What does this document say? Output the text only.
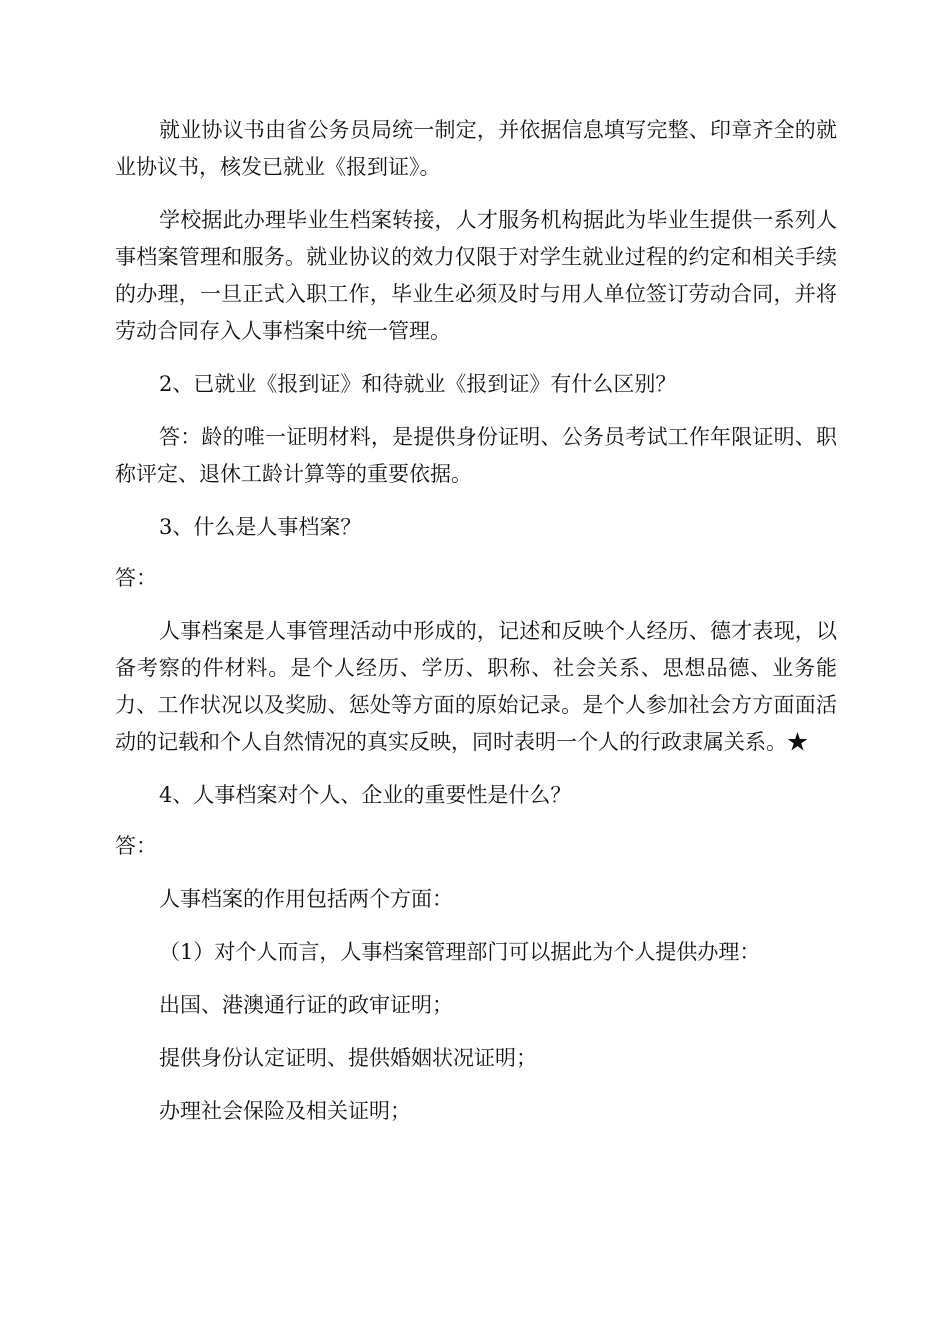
就业协议书由省公务员局统一制定，并依据信息填写完整、印章齐全的就业协议书，核发已就业《报到证》。

学校据此办理毕业生档案转接，人才服务机构据此为毕业生提供一系列人事档案管理和服务。就业协议的效力仅限于对学生就业过程的约定和相关手续的办理，一旦正式入职工作，毕业生必须及时与用人单位签订劳动合同，并将劳动合同存入人事档案中统一管理。

2、已就业《报到证》和待就业《报到证》有什么区别？

答：龄的唯一证明材料，是提供身份证明、公务员考试工作年限证明、职称评定、退休工龄计算等的重要依据。

3、什么是人事档案？

答：

人事档案是人事管理活动中形成的，记述和反映个人经历、德才表现，以备考察的件材料。是个人经历、学历、职称、社会关系、思想品德、业务能力、工作状况以及奖励、惩处等方面的原始记录。是个人参加社会方方面面活动的记载和个人自然情况的真实反映，同时表明一个人的行政隶属关系。★

4、人事档案对个人、企业的重要性是什么？

答：

人事档案的作用包括两个方面：

（1）对个人而言，人事档案管理部门可以据此为个人提供办理：

出国、港澳通行证的政审证明；

提供身份认定证明、提供婚姻状况证明；

办理社会保险及相关证明；
